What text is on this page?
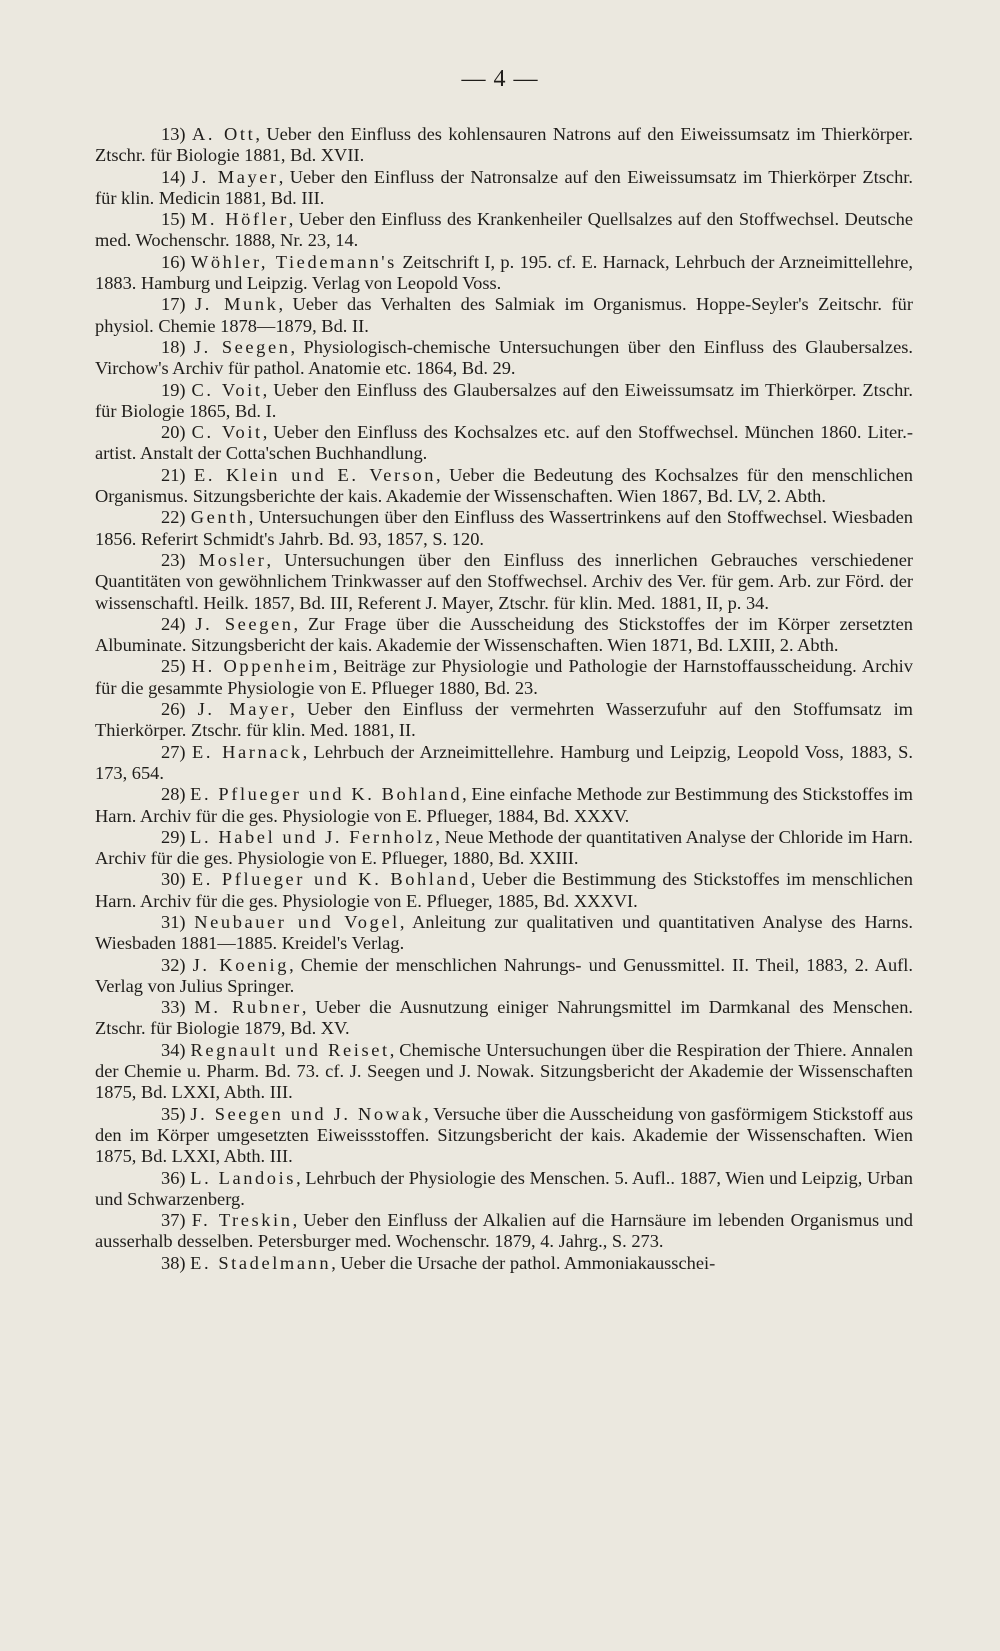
— 4 —

13) A. Ott, Ueber den Einfluss des kohlensauren Natrons auf den Eiweissumsatz im Thierkörper. Ztschr. für Biologie 1881, Bd. XVII.

14) J. Mayer, Ueber den Einfluss der Natronsalze auf den Eiweissumsatz im Thierkörper Ztschr. für klin. Medicin 1881, Bd. III.

15) M. Höfler, Ueber den Einfluss des Krankenheiler Quellsalzes auf den Stoffwechsel. Deutsche med. Wochenschr. 1888, Nr. 23, 14.

16) Wöhler, Tiedemann's Zeitschrift I, p. 195. cf. E. Harnack, Lehrbuch der Arzneimittellehre, 1883. Hamburg und Leipzig. Verlag von Leopold Voss.

17) J. Munk, Ueber das Verhalten des Salmiak im Organismus. Hoppe-Seyler's Zeitschr. für physiol. Chemie 1878—1879, Bd. II.

18) J. Seegen, Physiologisch-chemische Untersuchungen über den Einfluss des Glaubersalzes. Virchow's Archiv für pathol. Anatomie etc. 1864, Bd. 29.

19) C. Voit, Ueber den Einfluss des Glaubersalzes auf den Eiweissumsatz im Thierkörper. Ztschr. für Biologie 1865, Bd. I.

20) C. Voit, Ueber den Einfluss des Kochsalzes etc. auf den Stoffwechsel. München 1860. Liter.-artist. Anstalt der Cotta'schen Buchhandlung.

21) E. Klein und E. Verson, Ueber die Bedeutung des Kochsalzes für den menschlichen Organismus. Sitzungsberichte der kais. Akademie der Wissenschaften. Wien 1867, Bd. LV, 2. Abth.

22) Genth, Untersuchungen über den Einfluss des Wassertrinkens auf den Stoffwechsel. Wiesbaden 1856. Referirt Schmidt's Jahrb. Bd. 93, 1857, S. 120.

23) Mosler, Untersuchungen über den Einfluss des innerlichen Gebrauches verschiedener Quantitäten von gewöhnlichem Trinkwasser auf den Stoffwechsel. Archiv des Ver. für gem. Arb. zur Förd. der wissenschaftl. Heilk. 1857, Bd. III, Referent J. Mayer, Ztschr. für klin. Med. 1881, II, p. 34.

24) J. Seegen, Zur Frage über die Ausscheidung des Stickstoffes der im Körper zersetzten Albuminate. Sitzungsbericht der kais. Akademie der Wissenschaften. Wien 1871, Bd. LXIII, 2. Abth.

25) H. Oppenheim, Beiträge zur Physiologie und Pathologie der Harnstoffausscheidung. Archiv für die gesammte Physiologie von E. Pflueger 1880, Bd. 23.

26) J. Mayer, Ueber den Einfluss der vermehrten Wasserzufuhr auf den Stoffumsatz im Thierkörper. Ztschr. für klin. Med. 1881, II.

27) E. Harnack, Lehrbuch der Arzneimittellehre. Hamburg und Leipzig, Leopold Voss, 1883, S. 173, 654.

28) E. Pflueger und K. Bohland, Eine einfache Methode zur Bestimmung des Stickstoffes im Harn. Archiv für die ges. Physiologie von E. Pflueger, 1884, Bd. XXXV.

29) L. Habel und J. Fernholz, Neue Methode der quantitativen Analyse der Chloride im Harn. Archiv für die ges. Physiologie von E. Pflueger, 1880, Bd. XXIII.

30) E. Pflueger und K. Bohland, Ueber die Bestimmung des Stickstoffes im menschlichen Harn. Archiv für die ges. Physiologie von E. Pflueger, 1885, Bd. XXXVI.

31) Neubauer und Vogel, Anleitung zur qualitativen und quantitativen Analyse des Harns. Wiesbaden 1881—1885. Kreidel's Verlag.

32) J. Koenig, Chemie der menschlichen Nahrungs- und Genussmittel. II. Theil, 1883, 2. Aufl. Verlag von Julius Springer.

33) M. Rubner, Ueber die Ausnutzung einiger Nahrungsmittel im Darmkanal des Menschen. Ztschr. für Biologie 1879, Bd. XV.

34) Regnault und Reiset, Chemische Untersuchungen über die Respiration der Thiere. Annalen der Chemie u. Pharm. Bd. 73. cf. J. Seegen und J. Nowak. Sitzungsbericht der Akademie der Wissenschaften 1875, Bd. LXXI, Abth. III.

35) J. Seegen und J. Nowak, Versuche über die Ausscheidung von gasförmigem Stickstoff aus den im Körper umgesetzten Eiweissstoffen. Sitzungsbericht der kais. Akademie der Wissenschaften. Wien 1875, Bd. LXXI, Abth. III.

36) L. Landois, Lehrbuch der Physiologie des Menschen. 5. Aufl.. 1887, Wien und Leipzig, Urban und Schwarzenberg.

37) F. Treskin, Ueber den Einfluss der Alkalien auf die Harnsäure im lebenden Organismus und ausserhalb desselben. Petersburger med. Wochenschr. 1879, 4. Jahrg., S. 273.

38) E. Stadelmann, Ueber die Ursache der pathol. Ammoniakausschei-
